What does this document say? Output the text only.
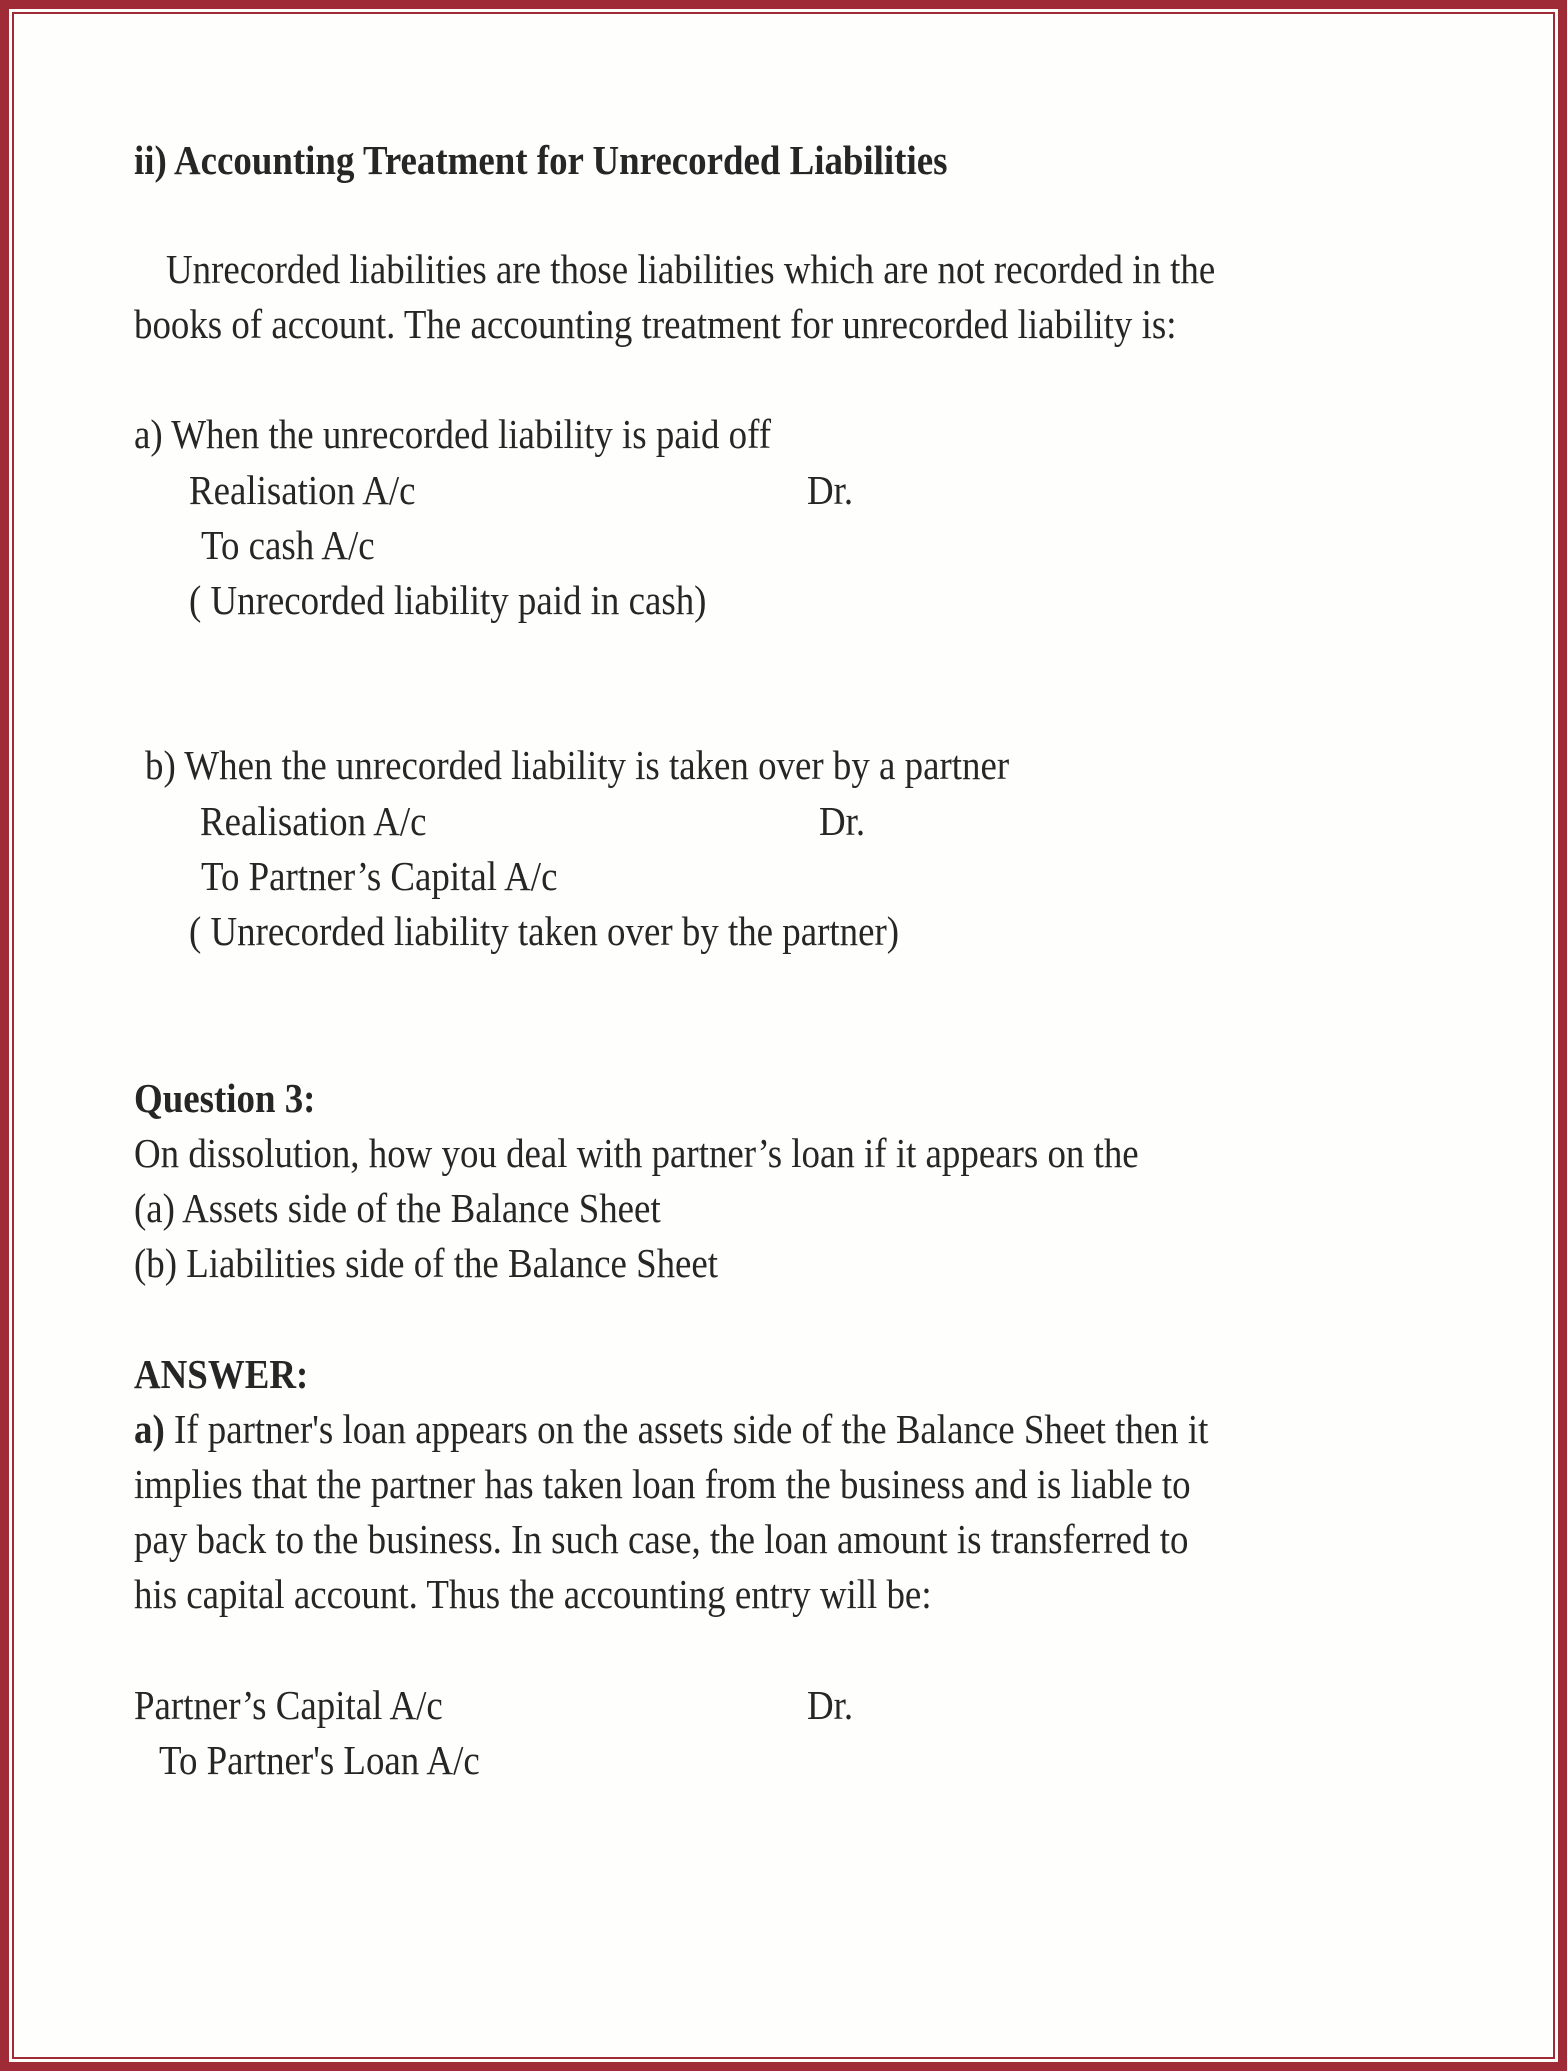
ii) Accounting Treatment for Unrecorded Liabilities
Unrecorded liabilities are those liabilities which are not recorded in the
books of account. The accounting treatment for unrecorded liability is:
a) When the unrecorded liability is paid off
Realisation A/c	Dr.
To cash A/c
( Unrecorded liability paid in cash)
b) When the unrecorded liability is taken over by a partner
Realisation A/c	Dr.
To Partner’s Capital A/c
( Unrecorded liability taken over by the partner)
Question 3:
On dissolution, how you deal with partner’s loan if it appears on the
(a) Assets side of the Balance Sheet
(b) Liabilities side of the Balance Sheet
ANSWER:
a) If partner's loan appears on the assets side of the Balance Sheet then it
implies that the partner has taken loan from the business and is liable to
pay back to the business. In such case, the loan amount is transferred to
his capital account. Thus the accounting entry will be:
Partner’s Capital A/c	Dr.
To Partner's Loan A/c
